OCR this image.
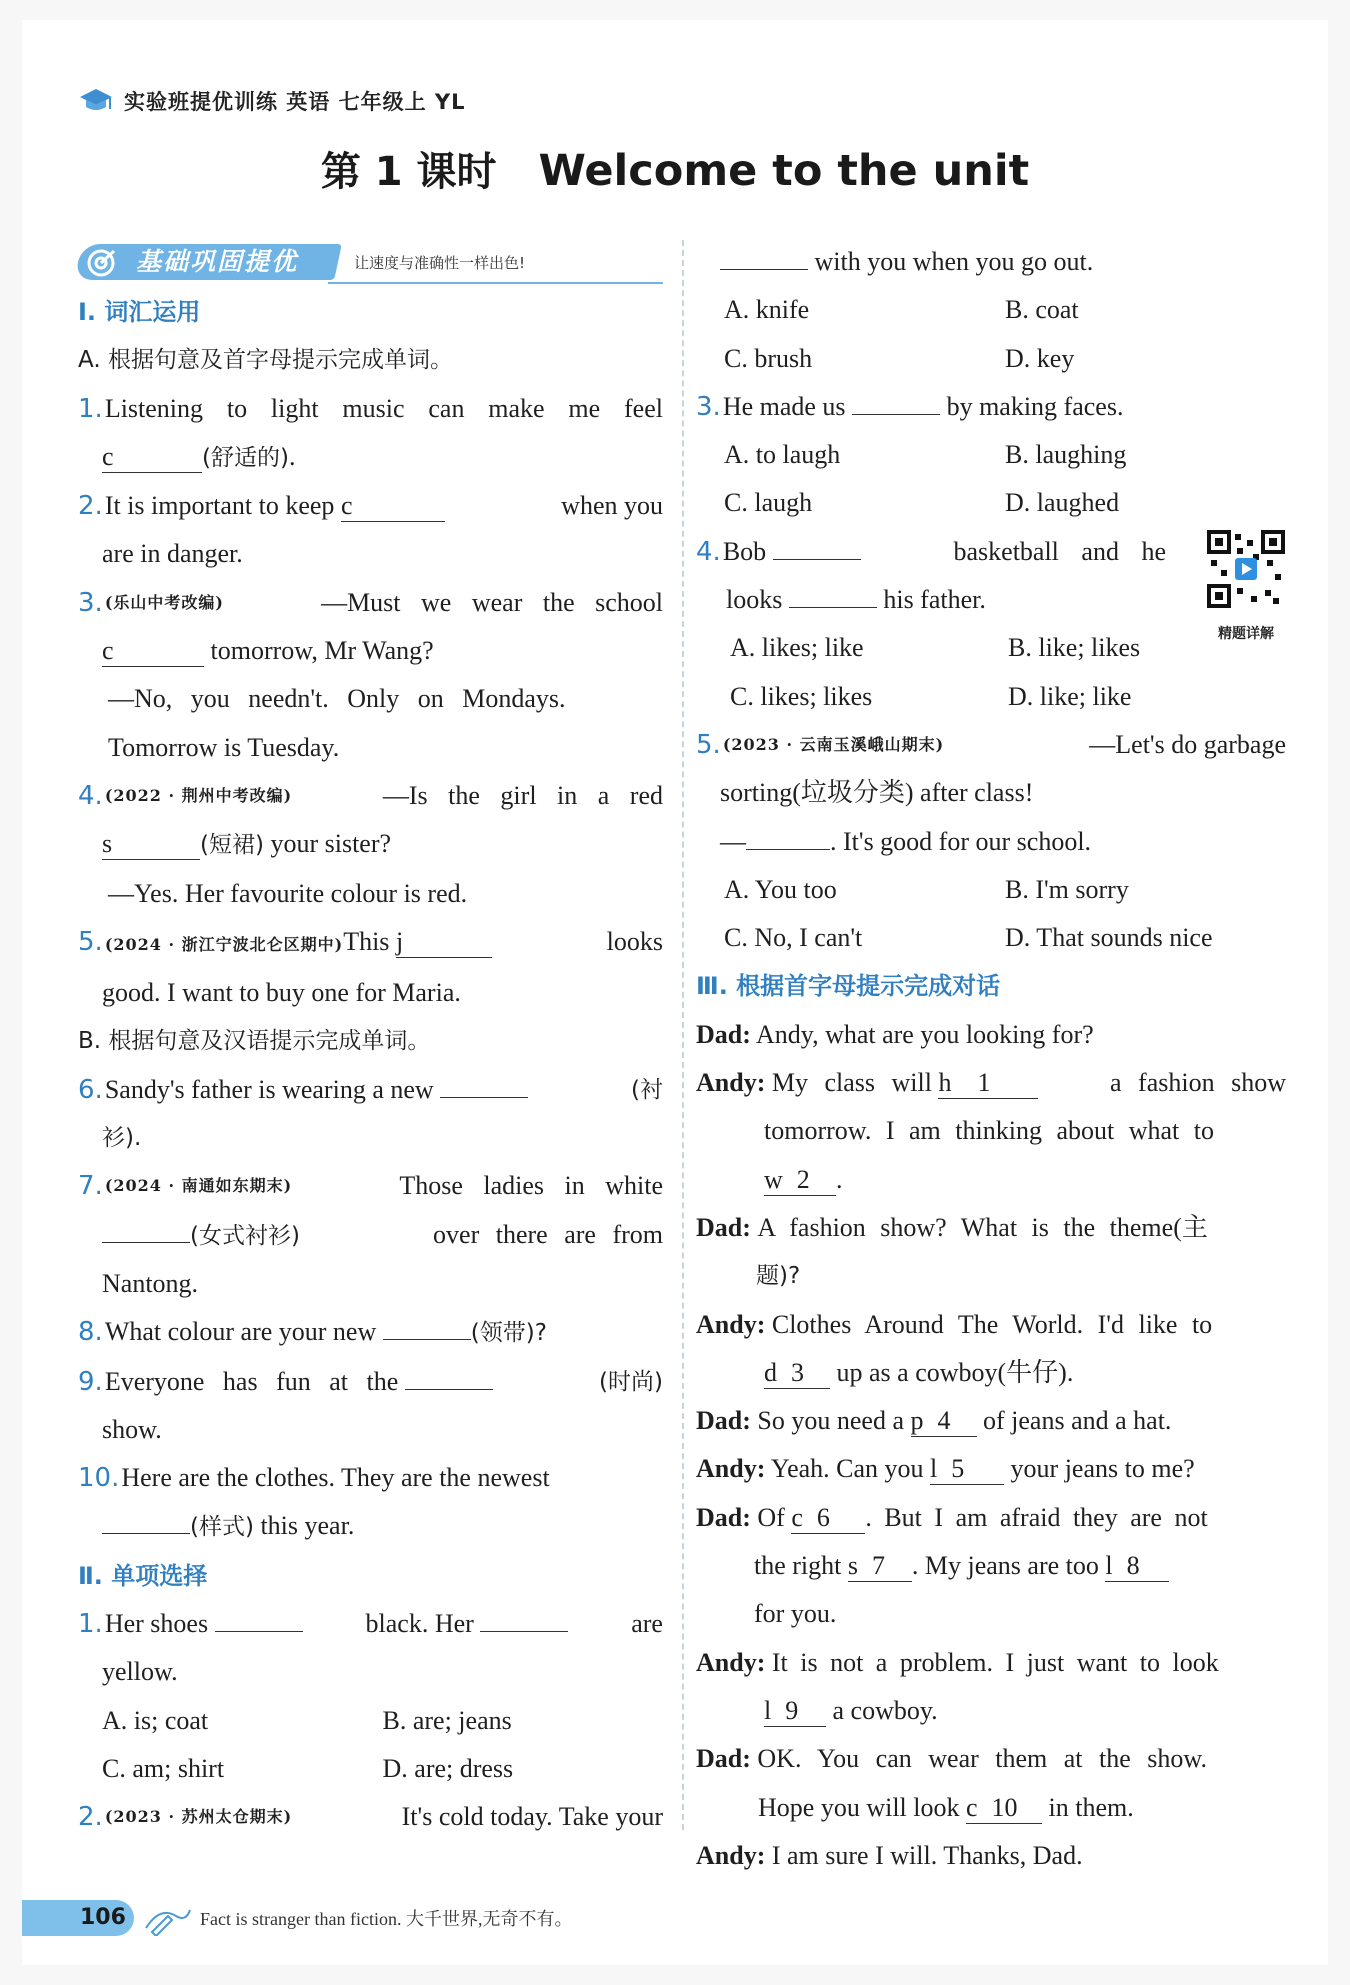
实验班提优训练 英语 七年级上 YL
第 1 课时 Welcome to the unit
基础巩固提优	让速度与准确性一样出色!
Ⅰ. 词汇运用
A. 根据句意及首字母提示完成单词。
1.Listening to light music can make me feel
c	(舒适的).
2.It is important to keep c	when you
are in danger.
3. (乐山中考改编)	—Must we wear the school
c	tomorrow, Mr Wang?
—No, you needn't. Only on Mondays.
Tomorrow is Tuesday.
4. (2022 · 荆州中考改编)	—Is the girl in a red
s	(短裙) your sister?
—Yes. Her favourite colour is red.
5. (2024 · 浙江宁波北仑区期中)This j	looks
good. I want to buy one for Maria.
B. 根据句意及汉语提示完成单词。
6.Sandy's father is wearing a new	(衬
衫).
7. (2024 · 南通如东期末)	Those ladies in white
(女式衬衫)	over there are from
Nantong.
8.What colour are your new	(领带)?
9.Everyone has fun at the	(时尚)
show.
10.Here are the clothes. They are the newest
(样式) this year.
Ⅱ. 单项选择
1.Her shoes	black. Her	are
yellow.
A. is; coat	B. are; jeans
C. am; shirt	D. are; dress
2. (2023 · 苏州太仓期末)	It's cold today. Take your
with you when you go out.
A. knife	B. coat
C. brush	D. key
3.He made us	by making faces.
A. to laugh	B. laughing
C. laugh	D. laughed
4.Bob	basketball and he
looks	his father.
A. likes; like	B. like; likes
C. likes; likes	D. like; like
精题详解
5. (2023 · 云南玉溪峨山期末)	—Let's do garbage
sorting(垃圾分类) after class!
—	. It's good for our school.
A. You too	B. I'm sorry
C. No, I can't	D. That sounds nice
Ⅲ. 根据首字母提示完成对话
Dad: Andy, what are you looking for?
Andy: My class will h 1	a fashion show
tomorrow. I am thinking about what to
w 2 .
Dad: A fashion show? What is the theme(主
题)?
Andy: Clothes Around The World. I'd like to
d 3 up as a cowboy(牛仔).
Dad: So you need a p 4 of jeans and a hat.
Andy: Yeah. Can you l 5 your jeans to me?
Dad: Of c 6 . But I am afraid they are not
the right s 7 . My jeans are too l 8
for you.
Andy: It is not a problem. I just want to look
l 9 a cowboy.
Dad: OK. You can wear them at the show.
Hope you will look c 10 in them.
Andy: I am sure I will. Thanks, Dad.
106	Fact is stranger than fiction. 大千世界,无奇不有。
